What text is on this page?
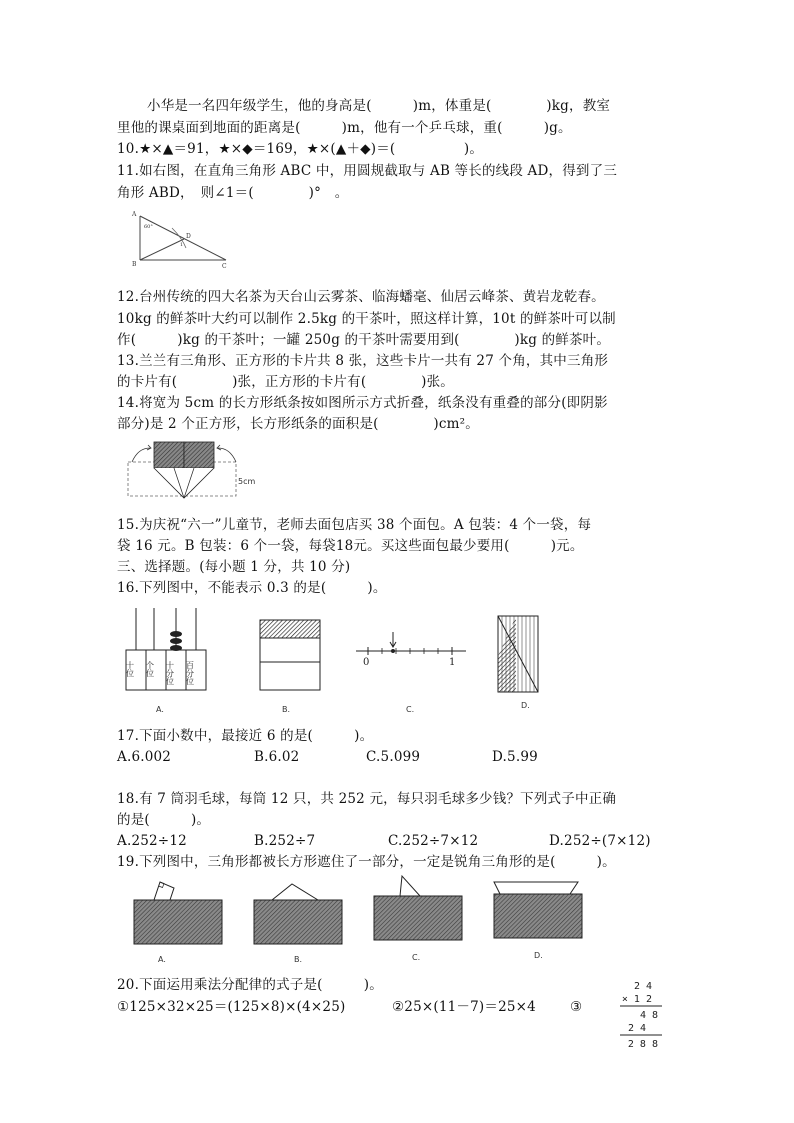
小华是一名四年级学生，他的身高是(　　　)m，体重是(　　　　)kg，教室
里他的课桌面到地面的距离是(　　　)m，他有一个乒乓球，重(　　　)g。
10.★×▲＝91，★×◆＝169，★×(▲＋◆)＝(　　　　　)。
11.如右图，在直角三角形 ABC 中，用圆规截取与 AB 等长的线段 AD，得到了三
角形 ABD，　则∠1＝(　　　　)°　。
A
B	C
D
60°
1
12.台州传统的四大名茶为天台山云雾茶、临海蟠毫、仙居云峰茶、黄岩龙乾春。
10kg 的鲜茶叶大约可以制作 2.5kg 的干茶叶，照这样计算，10t 的鲜茶叶可以制
作(　　　)kg 的干茶叶；一罐 250g 的干茶叶需要用到(　　　　)kg 的鲜茶叶。
13.兰兰有三角形、正方形的卡片共 8 张，这些卡片一共有 27 个角，其中三角形
的卡片有(　　　　)张，正方形的卡片有(　　　　)张。
14.将宽为 5cm 的长方形纸条按如图所示方式折叠，纸条没有重叠的部分(即阴影
部分)是 2 个正方形，长方形纸条的面积是(　　　　)cm²。
5cm
15.为庆祝“六一”儿童节，老师去面包店买 38 个面包。A 包装：4 个一袋，每
袋 16 元。B 包装：6 个一袋，每袋18元。买这些面包最少要用(　　　)元。
三、选择题。(每小题 1 分，共 10 分)
16.下列图中，不能表示 0.3 的是(　　　)。
十位 个位 十分位 百分位
A.	B.
0	1
C.	D.
17.下面小数中，最接近 6 的是(　　　)。
A.6.002	B.6.02	C.5.099	D.5.99
18.有 7 筒羽毛球，每筒 12 只，共 252 元，每只羽毛球多少钱？下列式子中正确
的是(　　　)。
A.252÷12	B.252÷7	C.252÷7×12	D.252÷(7×12)
19.下列图中，三角形都被长方形遮住了一部分，一定是锐角三角形的是(　　　)。
A.	B.	C.	D.
20.下面运用乘法分配律的式子是(　　　)。
①125×32×25＝(125×8)×(4×25)	②25×(11－7)＝25×4	③
2 4
× 1 2
4 8
2 4
2 8 8
